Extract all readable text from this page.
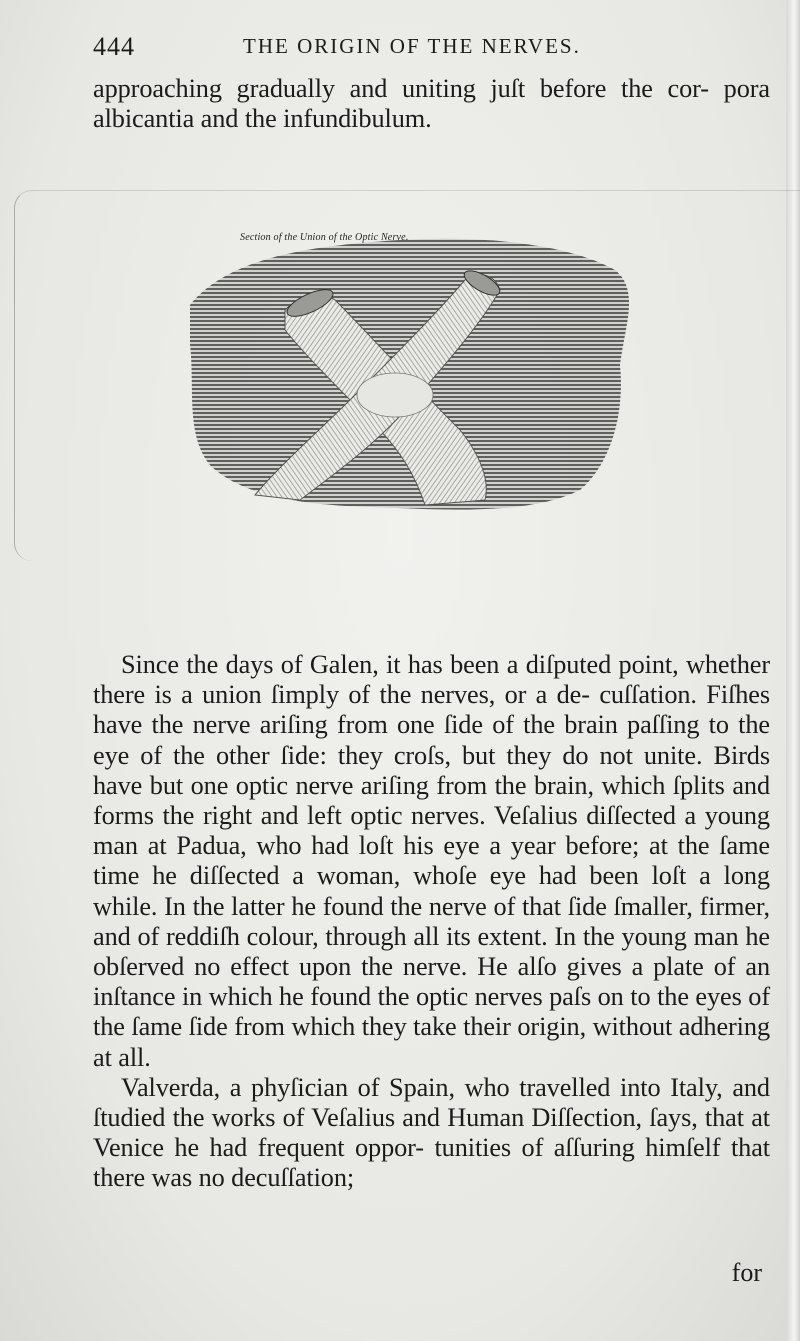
444	THE ORIGIN OF THE NERVES.

approaching gradually and uniting juſt before the cor- pora albicantia and the infundibulum.

Section of the Union of the Optic Nerve.

Since the days of Galen, it has been a diſputed point, whether there is a union ſimply of the nerves, or a de- cuſſation. Fiſhes have the nerve ariſing from one ſide of the brain paſſing to the eye of the other ſide: they croſs, but they do not unite. Birds have but one optic nerve ariſing from the brain, which ſplits and forms the right and left optic nerves. Veſalius diſſected a young man at Padua, who had loſt his eye a year before; at the ſame time he diſſected a woman, whoſe eye had been loſt a long while. In the latter he found the nerve of that ſide ſmaller, firmer, and of reddiſh colour, through all its extent. In the young man he obſerved no effect upon the nerve. He alſo gives a plate of an inſtance in which he found the optic nerves paſs on to the eyes of the ſame ſide from which they take their origin, without adhering at all.

Valverda, a phyſician of Spain, who travelled into Italy, and ſtudied the works of Veſalius and Human Diſſection, ſays, that at Venice he had frequent oppor- tunities of aſſuring himſelf that there was no decuſſation;

for
